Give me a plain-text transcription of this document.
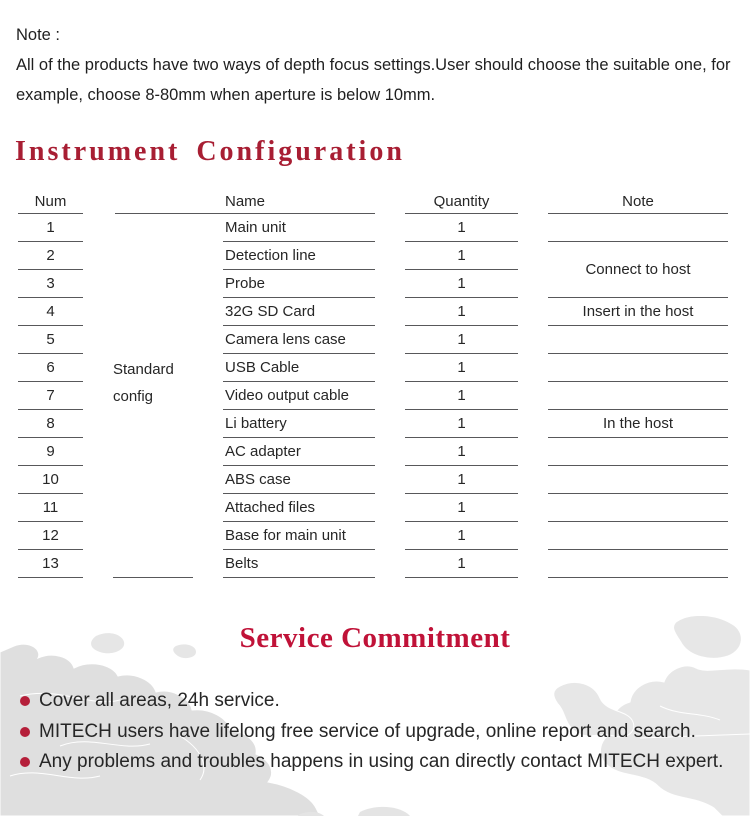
Note :
All of the products have two ways of depth focus settings.User should choose the suitable one, for
example, choose 8-80mm when aperture is below 10mm.
Instrument Configuration
Name
Num
1
2
3
4
5
6
7
8
9
10
11
12
13
Standard
config
Main unit
Detection line
Probe
32G SD Card
Camera lens case
USB Cable
Video output cable
Li battery
AC adapter
ABS case
Attached files
Base for main unit
Belts
Quantity
1
1
1
1
1
1
1
1
1
1
1
1
1
Note
Connect to host
Insert in the host
In the host
Service Commitment
Cover all areas, 24h service.
MITECH users have lifelong free service of upgrade, online report and search.
Any problems and troubles happens in using can directly contact MITECH expert.
